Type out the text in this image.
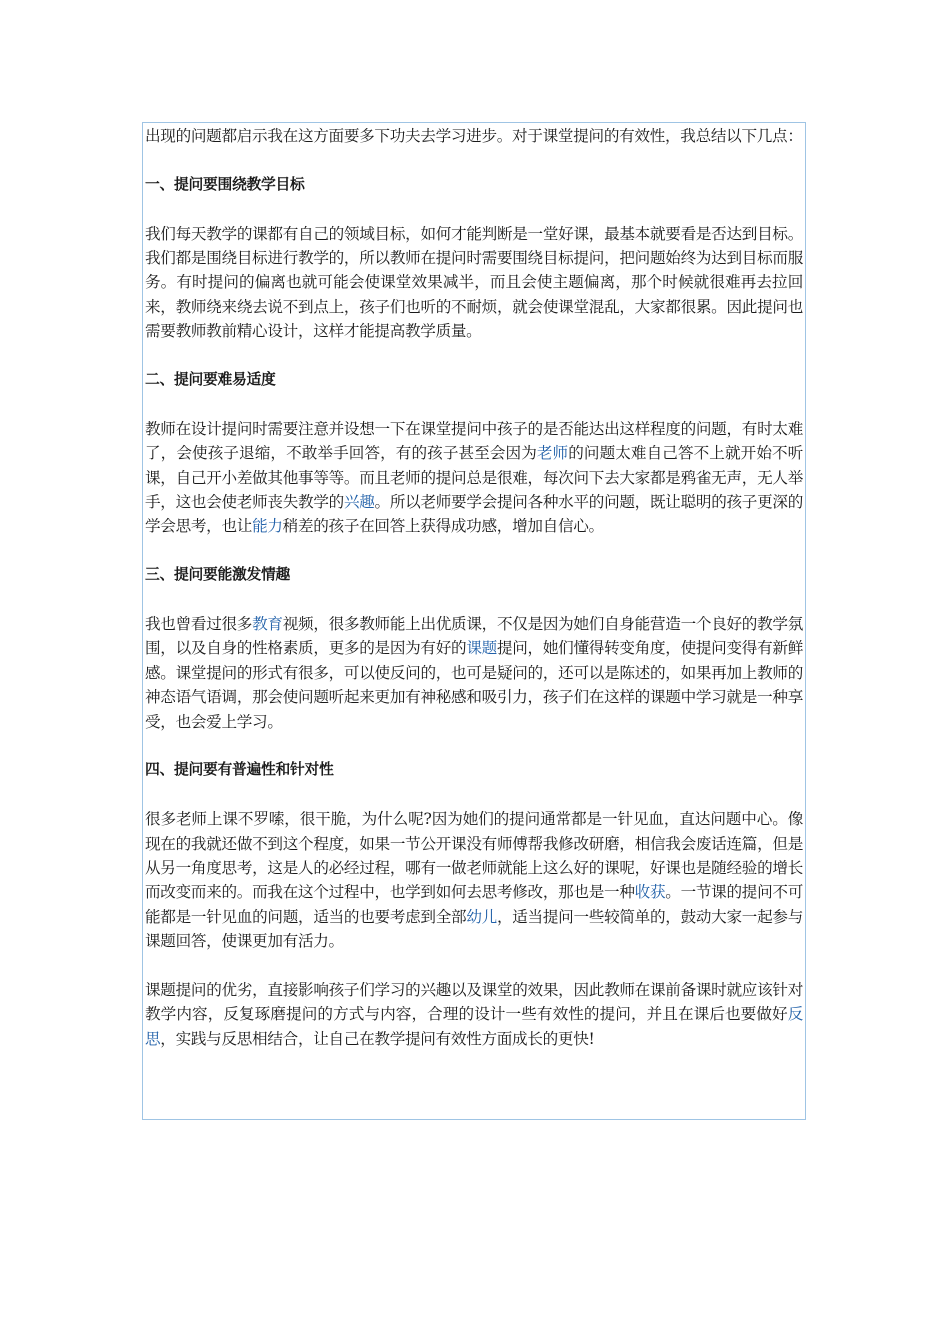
出现的问题都启示我在这方面要多下功夫去学习进步。对于课堂提问的有效性，我总结以下几点：

一、提问要围绕教学目标

我们每天教学的课都有自己的领域目标，如何才能判断是一堂好课，最基本就要看是否达到目标。我们都是围绕目标进行教学的，所以教师在提问时需要围绕目标提问，把问题始终为达到目标而服务。有时提问的偏离也就可能会使课堂效果减半，而且会使主题偏离，那个时候就很难再去拉回来，教师绕来绕去说不到点上，孩子们也听的不耐烦，就会使课堂混乱，大家都很累。因此提问也需要教师教前精心设计，这样才能提高教学质量。

二、提问要难易适度

教师在设计提问时需要注意并设想一下在课堂提问中孩子的是否能达出这样程度的问题，有时太难了，会使孩子退缩，不敢举手回答，有的孩子甚至会因为老师的问题太难自己答不上就开始不听课，自己开小差做其他事等等。而且老师的提问总是很难，每次问下去大家都是鸦雀无声，无人举手，这也会使老师丧失教学的兴趣。所以老师要学会提问各种水平的问题，既让聪明的孩子更深的学会思考，也让能力稍差的孩子在回答上获得成功感，增加自信心。

三、提问要能激发情趣

我也曾看过很多教育视频，很多教师能上出优质课，不仅是因为她们自身能营造一个良好的教学氛围，以及自身的性格素质，更多的是因为有好的课题提问，她们懂得转变角度，使提问变得有新鲜感。课堂提问的形式有很多，可以使反问的，也可是疑问的，还可以是陈述的，如果再加上教师的神态语气语调，那会使问题听起来更加有神秘感和吸引力，孩子们在这样的课题中学习就是一种享受，也会爱上学习。

四、提问要有普遍性和针对性

很多老师上课不罗嗦，很干脆，为什么呢?因为她们的提问通常都是一针见血，直达问题中心。像现在的我就还做不到这个程度，如果一节公开课没有师傅帮我修改研磨，相信我会废话连篇，但是从另一角度思考，这是人的必经过程，哪有一做老师就能上这么好的课呢，好课也是随经验的增长而改变而来的。而我在这个过程中，也学到如何去思考修改，那也是一种收获。一节课的提问不可能都是一针见血的问题，适当的也要考虑到全部幼儿，适当提问一些较简单的，鼓动大家一起参与课题回答，使课更加有活力。

课题提问的优劣，直接影响孩子们学习的兴趣以及课堂的效果，因此教师在课前备课时就应该针对教学内容，反复琢磨提问的方式与内容，合理的设计一些有效性的提问，并且在课后也要做好反思，实践与反思相结合，让自己在教学提问有效性方面成长的更快!
